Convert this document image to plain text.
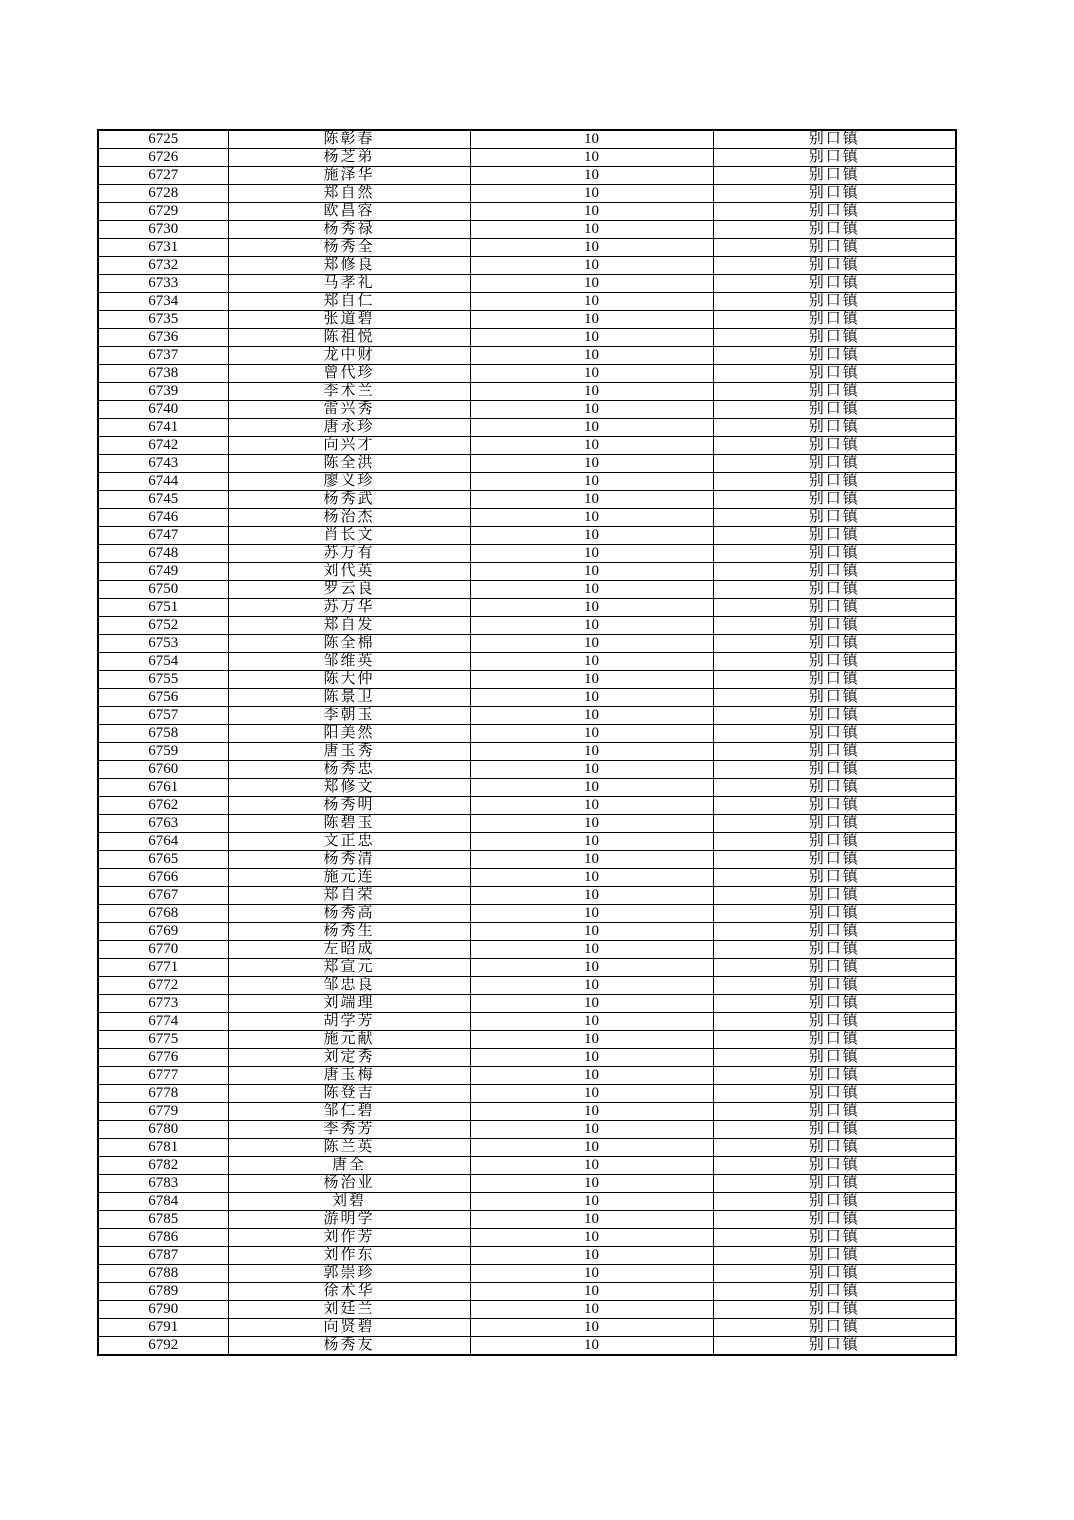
6725	陈彰春	10	别口镇
6726	杨芝弟	10	别口镇
6727	施泽华	10	别口镇
6728	郑自然	10	别口镇
6729	欧昌容	10	别口镇
6730	杨秀禄	10	别口镇
6731	杨秀全	10	别口镇
6732	郑修良	10	别口镇
6733	马孝礼	10	别口镇
6734	郑自仁	10	别口镇
6735	张道碧	10	别口镇
6736	陈祖悦	10	别口镇
6737	龙中财	10	别口镇
6738	曾代珍	10	别口镇
6739	李术兰	10	别口镇
6740	雷兴秀	10	别口镇
6741	唐永珍	10	别口镇
6742	向兴才	10	别口镇
6743	陈全洪	10	别口镇
6744	廖义珍	10	别口镇
6745	杨秀武	10	别口镇
6746	杨治杰	10	别口镇
6747	肖长文	10	别口镇
6748	苏万有	10	别口镇
6749	刘代英	10	别口镇
6750	罗云良	10	别口镇
6751	苏万华	10	别口镇
6752	郑自发	10	别口镇
6753	陈全棉	10	别口镇
6754	邹维英	10	别口镇
6755	陈大仲	10	别口镇
6756	陈景卫	10	别口镇
6757	李朝玉	10	别口镇
6758	阳美然	10	别口镇
6759	唐玉秀	10	别口镇
6760	杨秀忠	10	别口镇
6761	郑修文	10	别口镇
6762	杨秀明	10	别口镇
6763	陈碧玉	10	别口镇
6764	文正忠	10	别口镇
6765	杨秀清	10	别口镇
6766	施元连	10	别口镇
6767	郑自荣	10	别口镇
6768	杨秀高	10	别口镇
6769	杨秀生	10	别口镇
6770	左昭成	10	别口镇
6771	郑宣元	10	别口镇
6772	邹忠良	10	别口镇
6773	刘端理	10	别口镇
6774	胡学芳	10	别口镇
6775	施元献	10	别口镇
6776	刘定秀	10	别口镇
6777	唐玉梅	10	别口镇
6778	陈登吉	10	别口镇
6779	邹仁碧	10	别口镇
6780	李秀芳	10	别口镇
6781	陈兰英	10	别口镇
6782	唐全	10	别口镇
6783	杨治业	10	别口镇
6784	刘碧	10	别口镇
6785	游明学	10	别口镇
6786	刘作芳	10	别口镇
6787	刘作东	10	别口镇
6788	郭崇珍	10	别口镇
6789	徐术华	10	别口镇
6790	刘廷兰	10	别口镇
6791	向贤碧	10	别口镇
6792	杨秀友	10	别口镇
